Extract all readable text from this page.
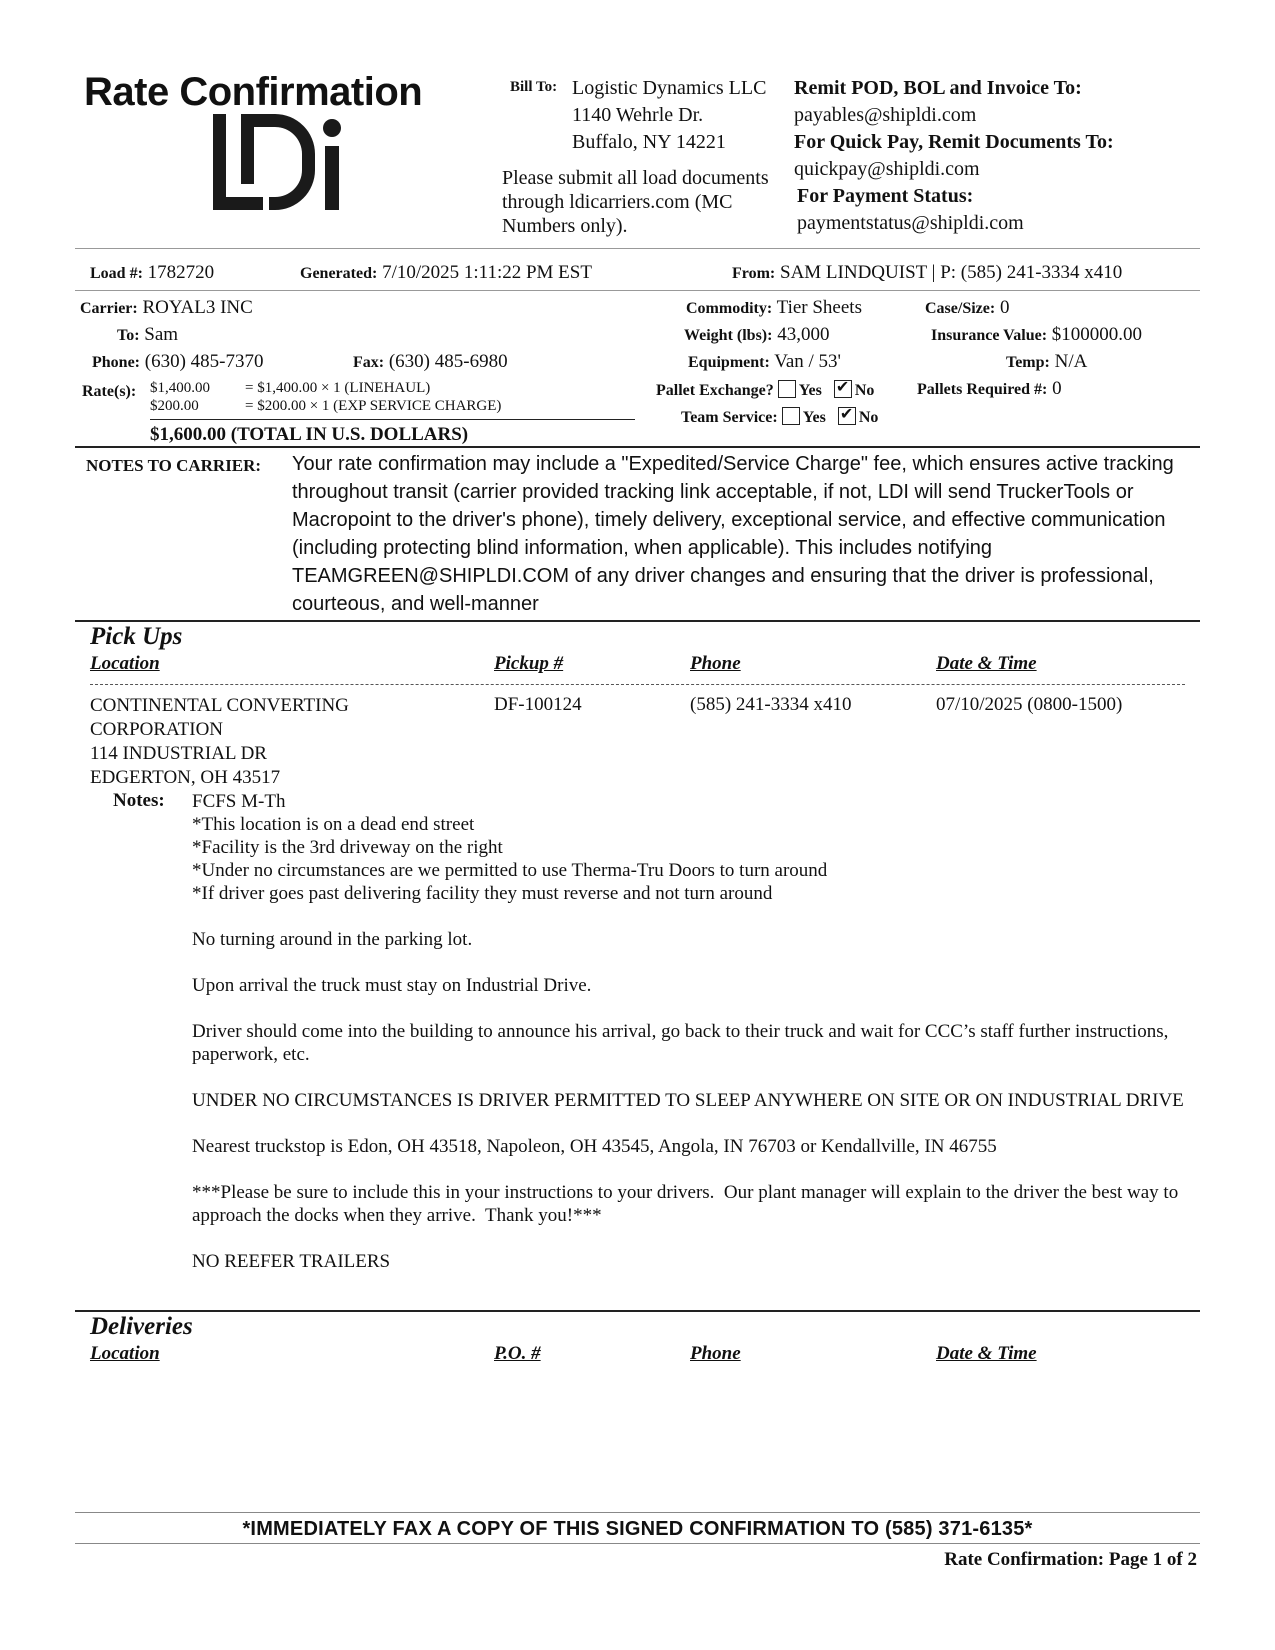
Rate Confirmation	Bill To: Logistic Dynamics LLC
1140 Wehrle Dr.
Buffalo, NY 14221
Please submit all load documents through ldicarriers.com (MC Numbers only).
Remit POD, BOL and Invoice To:
payables@shipldi.com
For Quick Pay, Remit Documents To:
quickpay@shipldi.com
For Payment Status:
paymentstatus@shipldi.com
Load #: 1782720	Generated: 7/10/2025 1:11:22 PM EST	From: SAM LINDQUIST | P: (585) 241-3334 x410
Carrier: ROYAL3 INC
To: Sam
Phone: (630) 485-7370	Fax: (630) 485-6980
Rate(s): $1,400.00 = $1,400.00 × 1 (LINEHAUL)
$200.00	= $200.00 × 1 (EXP SERVICE CHARGE)
$1,600.00 (TOTAL IN U.S. DOLLARS)
Commodity: Tier Sheets
Weight (lbs): 43,000
Equipment: Van / 53'
Pallet Exchange? Yes ✔ No
Team Service: Yes ✔ No
Case/Size: 0
Insurance Value: $100000.00
Temp: N/A
Pallets Required #: 0
NOTES TO CARRIER: Your rate confirmation may include a "Expedited/Service Charge" fee, which ensures active tracking throughout transit (carrier provided tracking link acceptable, if not, LDI will send TruckerTools or Macropoint to the driver's phone), timely delivery, exceptional service, and effective communication (including protecting blind information, when applicable). This includes notifying TEAMGREEN@SHIPLDI.COM of any driver changes and ensuring that the driver is professional, courteous, and well-manner
Pick Ups
Location	Pickup #	Phone	Date & Time
CONTINENTAL CONVERTING
CORPORATION
114 INDUSTRIAL DR
EDGERTON, OH 43517
DF-100124	(585) 241-3334 x410	07/10/2025 (0800-1500)
Notes: FCFS M-Th
*This location is on a dead end street
*Facility is the 3rd driveway on the right
*Under no circumstances are we permitted to use Therma-Tru Doors to turn around
*If driver goes past delivering facility they must reverse and not turn around

No turning around in the parking lot.

Upon arrival the truck must stay on Industrial Drive.

Driver should come into the building to announce his arrival, go back to their truck and wait for CCC’s staff further instructions, paperwork, etc.

UNDER NO CIRCUMSTANCES IS DRIVER PERMITTED TO SLEEP ANYWHERE ON SITE OR ON INDUSTRIAL DRIVE

Nearest truckstop is Edon, OH 43518, Napoleon, OH 43545, Angola, IN 76703 or Kendallville, IN 46755

***Please be sure to include this in your instructions to your drivers.  Our plant manager will explain to the driver the best way to approach the docks when they arrive.  Thank you!***

NO REEFER TRAILERS
Deliveries
Location	P.O. #	Phone	Date & Time
*IMMEDIATELY FAX A COPY OF THIS SIGNED CONFIRMATION TO (585) 371-6135*
Rate Confirmation: Page 1 of 2
